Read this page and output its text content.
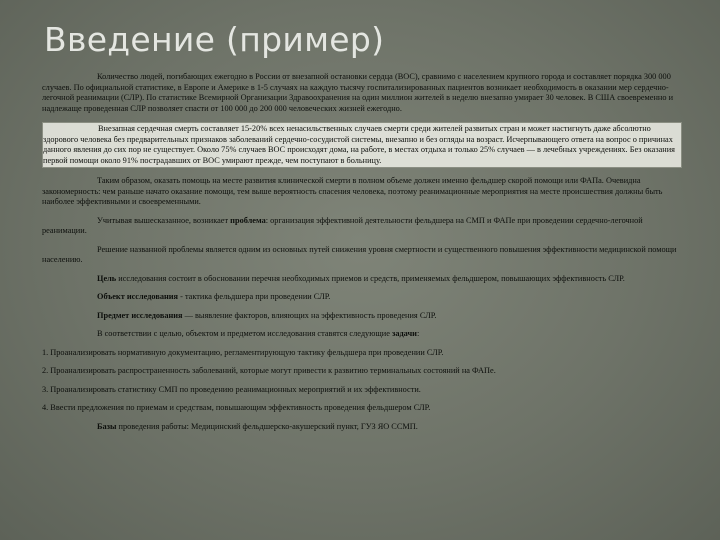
Введение (пример)

Количество людей, погибающих ежегодно в России от внезапной остановки сердца (ВОС), сравнимо с населением крупного города и составляет порядка 300 000 случаев. По официальной статистике, в Европе и Америке в 1-5 случаях на каждую тысячу госпитализированных пациентов возникает необходимость в оказании мер сердечно-легочной реанимации (СЛР). По статистике Всемирной Организации Здравоохранения на один миллион жителей в неделю внезапно умирает 30 человек. В США своевременно и надлежаще проведенная СЛР позволяет спасти от 100 000 до 200 000 человеческих жизней ежегодно.

Внезапная сердечная смерть составляет 15-20% всех ненасильственных случаев смерти среди жителей развитых стран и может настигнуть даже абсолютно здорового человека без предварительных признаков заболеваний сердечно-сосудистой системы, внезапно и без огляды на возраст. Исчерпывающего ответа на вопрос о причинах данного явления до сих пор не существует. Около 75% случаев ВОС происходят дома, на работе, в местах отдыха и только 25% случаев — в лечебных учреждениях. Без оказания первой помощи около 91% пострадавших от ВОС умирают прежде, чем поступают в больницу.

Таким образом, оказать помощь на месте развития клинической смерти в полном объеме должен именно фельдшер скорой помощи или ФАПа. Очевидна закономерность: чем раньше начато оказание помощи, тем выше вероятность спасения человека, поэтому реанимационные мероприятия на месте происшествия должны быть наиболее эффективными и своевременными.

Учитывая вышесказанное, возникает проблема: организация эффективной деятельности фельдшера на СМП и ФАПе при проведении сердечно-легочной реанимации.

Решение названной проблемы является одним из основных путей снижения уровня смертности и существенного повышения эффективности медицинской помощи населению.

Цель исследования состоит в обосновании перечня необходимых приемов и средств, применяемых фельдшером, повышающих эффективность СЛР.

Объект исследования - тактика фельдшера при проведении СЛР.

Предмет исследования — выявление факторов, влияющих на эффективность проведения СЛР.

В соответствии с целью, объектом и предметом исследования ставятся следующие задачи:

1. Проанализировать нормативную документацию, регламентирующую тактику фельдшера при проведении СЛР.

2. Проанализировать распространенность заболеваний, которые могут привести к развитию терминальных состояний на ФАПе.

3. Проанализировать статистику СМП по проведению реанимационных мероприятий и их эффективности.

4. Ввести предложения по приемам и средствам, повышающим эффективность проведения фельдшером СЛР.

Базы проведения работы: Медицинский фельдшерско-акушерский пункт, ГУЗ ЯО ССМП.
